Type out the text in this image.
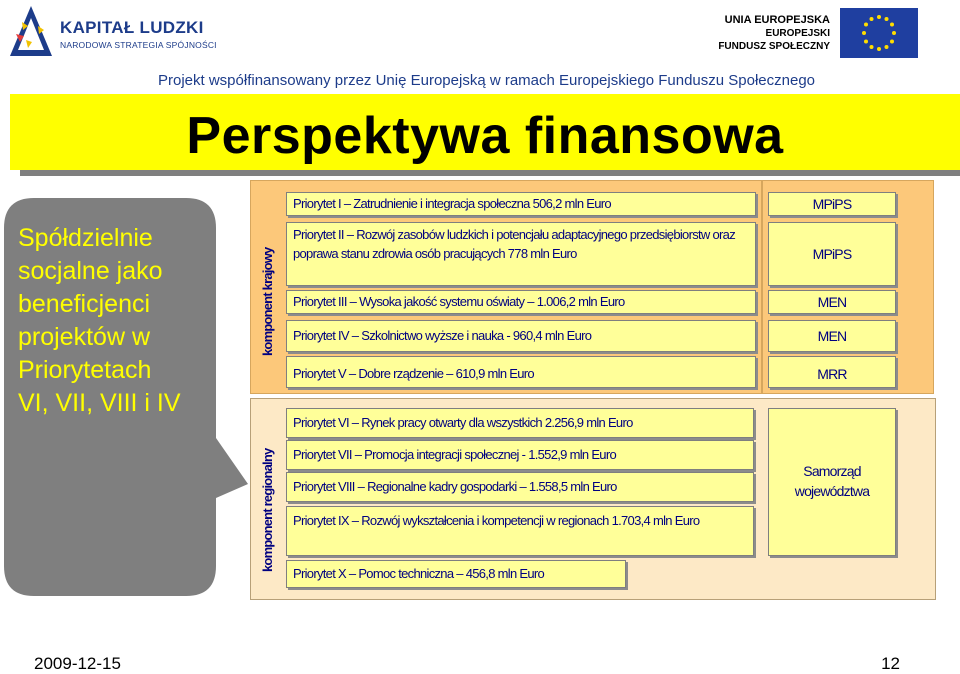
KAPITAŁ LUDZKI
NARODOWA STRATEGIA SPÓJNOŚCI
UNIA EUROPEJSKA
EUROPEJSKI
FUNDUSZ SPOŁECZNY
Projekt współfinansowany przez Unię Europejską w ramach Europejskiego Funduszu Społecznego
Perspektywa finansowa
Spółdzielnie socjalne jako beneficjenci projektów w Priorytetach VI, VII, VIII i IV
komponent krajowy
Priorytet I – Zatrudnienie i integracja społeczna 506,2 mln Euro
Priorytet II – Rozwój zasobów ludzkich i potencjału adaptacyjnego przedsiębiorstw oraz poprawa stanu zdrowia osób pracujących 778 mln Euro
Priorytet III – Wysoka jakość systemu oświaty – 1.006,2 mln Euro
Priorytet IV – Szkolnictwo wyższe i nauka - 960,4 mln Euro
Priorytet V – Dobre rządzenie – 610,9 mln Euro
MPiPS
MPiPS
MEN
MEN
MRR
komponent regionalny
Priorytet VI – Rynek pracy otwarty dla wszystkich 2.256,9 mln Euro
Priorytet VII – Promocja integracji społecznej - 1.552,9 mln Euro
Priorytet VIII – Regionalne kadry gospodarki – 1.558,5 mln Euro
Priorytet IX – Rozwój wykształcenia i kompetencji w regionach 1.703,4 mln Euro
Priorytet X – Pomoc techniczna – 456,8 mln Euro
Samorząd województwa
2009-12-15	12
